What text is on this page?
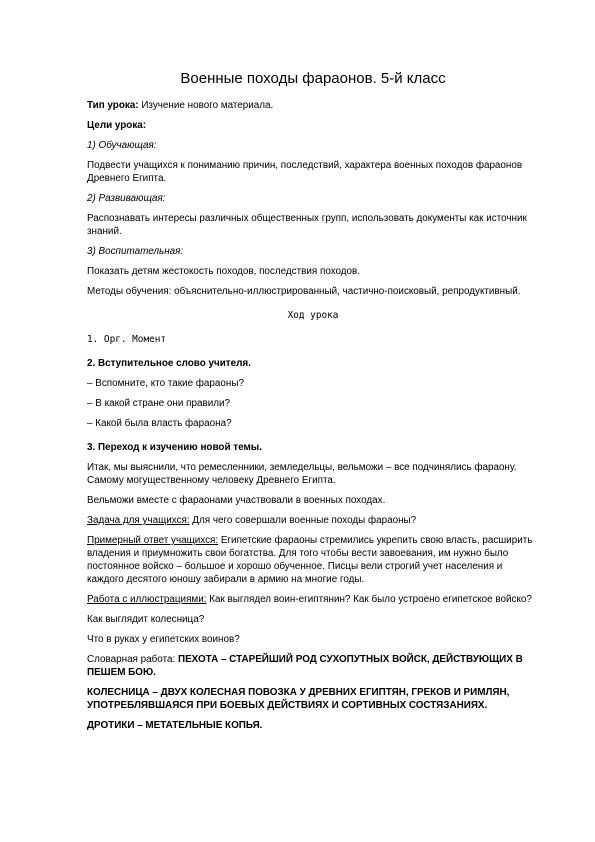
Военные походы фараонов. 5-й класс
Тип урока: Изучение нового материала.
Цели урока:
1) Обучающая:
Подвести учащихся к пониманию причин, последствий, характера военных походов фараонов Древнего Египта.
2) Развивающая:
Распознавать интересы различных общественных групп, использовать документы как источник знаний.
3) Воспитательная:
Показать детям жестокость походов, последствия походов.
Методы обучения: объяснительно-иллюстрированный, частично-поисковый, репродуктивный.
Ход урока
1. Орг. Момент
2. Вступительное слово учителя.
– Вспомните, кто такие фараоны?
– В какой стране они правили?
– Какой была власть фараона?
3. Переход к изучению новой темы.
Итак, мы выяснили, что ремесленники, земледельцы, вельможи – все подчинялись фараону. Самому могущественному человеку Древнего Египта.
Вельможи вместе с фараонами участвовали в военных походах.
Задача для учащихся: Для чего совершали военные походы фараоны?
Примерный ответ учащихся: Египетские фараоны стремились укрепить свою власть, расширить владения и приумножить свои богатства. Для того чтобы вести завоевания, им нужно было постоянное войско – большое и хорошо обученное. Писцы вели строгий учет населения и каждого десятого юношу забирали в армию на многие годы.
Работа с иллюстрациями: Как выглядел воин-египтянин? Как было устроено египетское войско?
Как выглядит колесница?
Что в руках у египетских воинов?
Словарная работа: ПЕХОТА – СТАРЕЙШИЙ РОД СУХОПУТНЫХ ВОЙСК, ДЕЙСТВУЮЩИХ В ПЕШЕМ БОЮ.
КОЛЕСНИЦА – ДВУХ КОЛЕСНАЯ ПОВОЗКА У ДРЕВНИХ ЕГИПТЯН, ГРЕКОВ И РИМЛЯН, УПОТРЕБЛЯВШАЯСЯ ПРИ БОЕВЫХ ДЕЙСТВИЯХ И СОРТИВНЫХ СОСТЯЗАНИЯХ.
ДРОТИКИ – МЕТАТЕЛЬНЫЕ КОПЬЯ.
